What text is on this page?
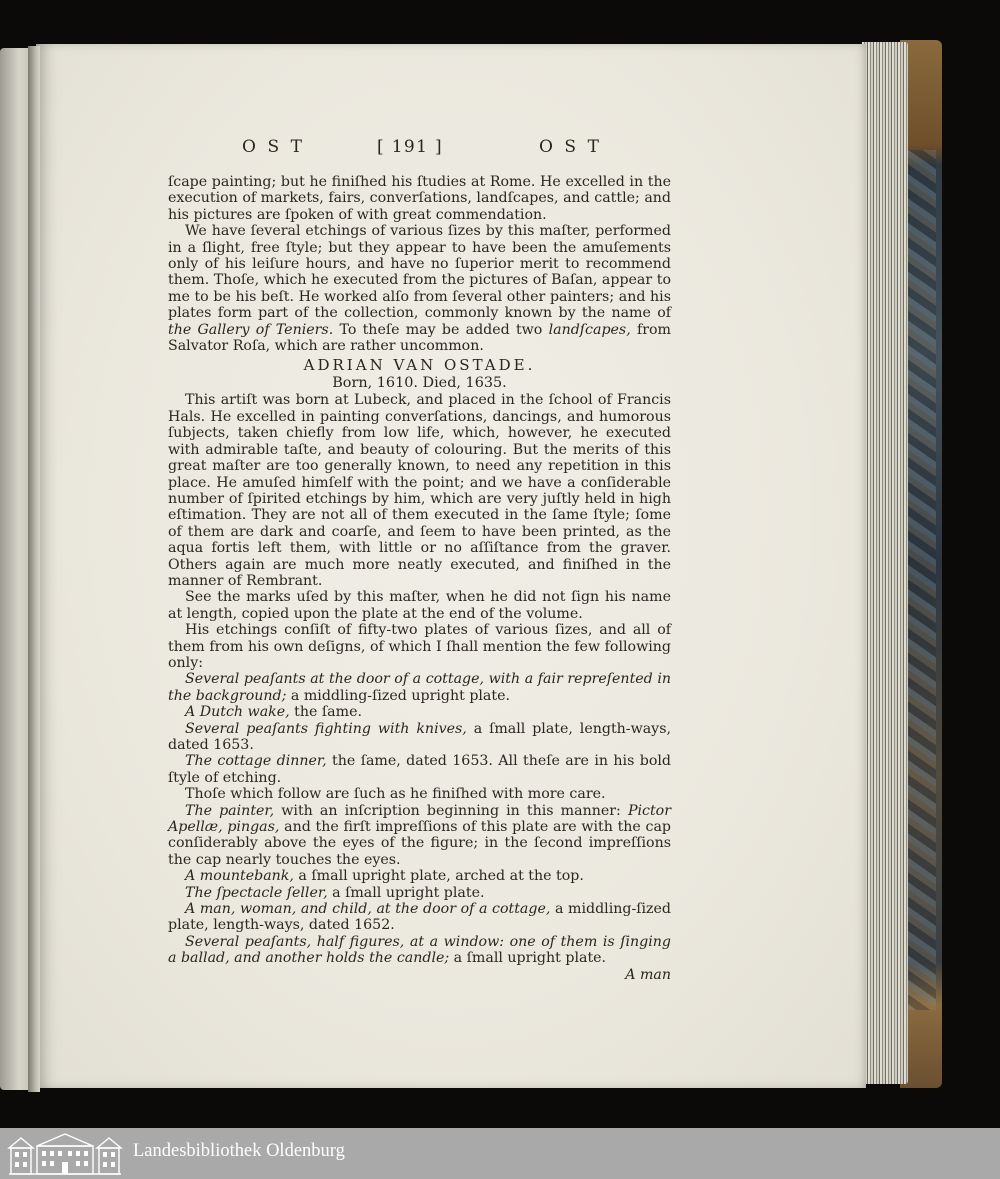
O S T	[ 191 ]	O S T

ſcape painting; but he finiſhed his ſtudies at Rome. He excelled in the execution of markets, fairs, converſations, landſcapes, and cattle; and his pictures are ſpoken of with great commendation.

We have ſeveral etchings of various ſizes by this maſter, performed in a ſlight, free ſtyle; but they appear to have been the amuſements only of his leiſure hours, and have no ſuperior merit to recommend them. Thoſe, which he executed from the pictures of Baſan, appear to me to be his beſt. He worked alſo from ſeveral other painters; and his plates form part of the collection, commonly known by the name of the Gallery of Teniers. To theſe may be added two landſcapes, from Salvator Roſa, which are rather uncommon.

ADRIAN VAN OSTADE.

Born, 1610. Died, 1635.

This artiſt was born at Lubeck, and placed in the ſchool of Francis Hals. He excelled in painting converſations, dancings, and humorous ſubjects, taken chiefly from low life, which, however, he executed with admirable taſte, and beauty of colouring. But the merits of this great maſter are too generally known, to need any repetition in this place. He amuſed himſelf with the point; and we have a conſiderable number of ſpirited etchings by him, which are very juſtly held in high eſtimation. They are not all of them executed in the ſame ſtyle; ſome of them are dark and coarſe, and ſeem to have been printed, as the aqua fortis left them, with little or no aſſiſtance from the graver. Others again are much more neatly executed, and finiſhed in the manner of Rembrant.

See the marks uſed by this maſter, when he did not ſign his name at length, copied upon the plate at the end of the volume.

His etchings conſiſt of fifty-two plates of various ſizes, and all of them from his own deſigns, of which I ſhall mention the few following only:

Several peaſants at the door of a cottage, with a fair repreſented in the background; a middling-ſized upright plate.

A Dutch wake, the ſame.

Several peaſants fighting with knives, a ſmall plate, length-ways, dated 1653.

The cottage dinner, the ſame, dated 1653. All theſe are in his bold ſtyle of etching.

Thoſe which follow are ſuch as he finiſhed with more care.

The painter, with an inſcription beginning in this manner: Pictor Apellæ, pingas, and the firſt impreſſions of this plate are with the cap conſiderably above the eyes of the figure; in the ſecond impreſſions the cap nearly touches the eyes.

A mountebank, a ſmall upright plate, arched at the top.

The ſpectacle ſeller, a ſmall upright plate.

A man, woman, and child, at the door of a cottage, a middling-ſized plate, length-ways, dated 1652.

Several peaſants, half figures, at a window: one of them is ſinging a ballad, and another holds the candle; a ſmall upright plate.

A man

Landesbibliothek Oldenburg
